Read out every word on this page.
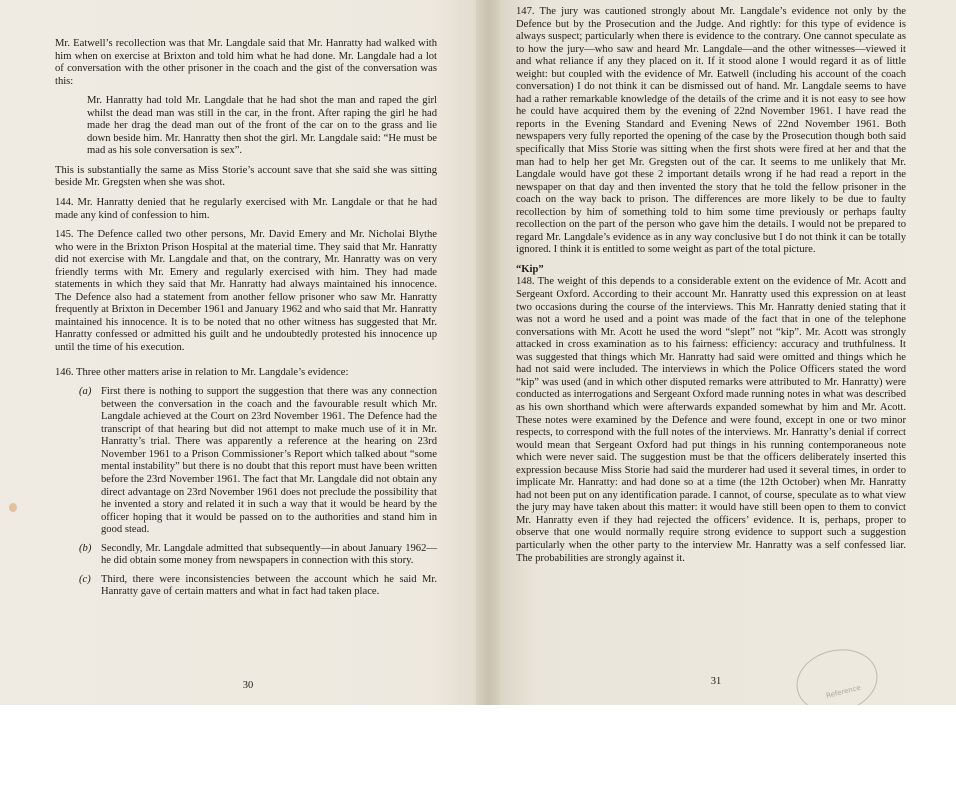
Mr. Eatwell’s recollection was that Mr. Langdale said that Mr. Hanratty had walked with him when on exercise at Brixton and told him what he had done. Mr. Langdale had a lot of conversation with the other prisoner in the coach and the gist of the conversation was this:

Mr. Hanratty had told Mr. Langdale that he had shot the man and raped the girl whilst the dead man was still in the car, in the front. After raping the girl he had made her drag the dead man out of the front of the car on to the grass and lie down beside him. Mr. Hanratty then shot the girl. Mr. Langdale said: “He must be mad as his sole conversation is sex”.

This is substantially the same as Miss Storie’s account save that she said she was sitting beside Mr. Gregsten when she was shot.

144. Mr. Hanratty denied that he regularly exercised with Mr. Langdale or that he had made any kind of confession to him.

145. The Defence called two other persons, Mr. David Emery and Mr. Nicholai Blythe who were in the Brixton Prison Hospital at the material time. They said that Mr. Hanratty did not exercise with Mr. Langdale and that, on the contrary, Mr. Hanratty was on very friendly terms with Mr. Emery and regularly exercised with him. They had made statements in which they said that Mr. Hanratty had always maintained his innocence. The Defence also had a statement from another fellow prisoner who saw Mr. Hanratty frequently at Brixton in December 1961 and January 1962 and who said that Mr. Hanratty maintained his innocence. It is to be noted that no other witness has suggested that Mr. Hanratty confessed or admitted his guilt and he undoubtedly protested his innocence up until the time of his execution.

146. Three other matters arise in relation to Mr. Langdale’s evidence:

(a) First there is nothing to support the suggestion that there was any connection between the conversation in the coach and the favourable result which Mr. Langdale achieved at the Court on 23rd November 1961. The Defence had the transcript of that hearing but did not attempt to make much use of it in Mr. Hanratty’s trial. There was apparently a reference at the hearing on 23rd November 1961 to a Prison Commissioner’s Report which talked about “some mental instability” but there is no doubt that this report must have been written before the 23rd November 1961. The fact that Mr. Langdale did not obtain any direct advantage on 23rd November 1961 does not preclude the possibility that he invented a story and related it in such a way that it would be heard by the officer hoping that it would be passed on to the authorities and stand him in good stead.
(b) Secondly, Mr. Langdale admitted that subsequently—in about January 1962—he did obtain some money from newspapers in connection with this story.
(c) Third, there were inconsistencies between the account which he said Mr. Hanratty gave of certain matters and what in fact had taken place.
30

147. The jury was cautioned strongly about Mr. Langdale’s evidence not only by the Defence but by the Prosecution and the Judge. And rightly: for this type of evidence is always suspect; particularly when there is evidence to the contrary. One cannot speculate as to how the jury—who saw and heard Mr. Langdale—and the other witnesses—viewed it and what reliance if any they placed on it. If it stood alone I would regard it as of little weight: but coupled with the evidence of Mr. Eatwell (including his account of the coach conversation) I do not think it can be dismissed out of hand. Mr. Langdale seems to have had a rather remarkable knowledge of the details of the crime and it is not easy to see how he could have acquired them by the evening of 22nd November 1961. I have read the reports in the Evening Standard and Evening News of 22nd November 1961. Both newspapers very fully reported the opening of the case by the Prosecution though both said specifically that Miss Storie was sitting when the first shots were fired at her and that the man had to help her get Mr. Gregsten out of the car. It seems to me unlikely that Mr. Langdale would have got these 2 important details wrong if he had read a report in the newspaper on that day and then invented the story that he told the fellow prisoner in the coach on the way back to prison. The differences are more likely to be due to faulty recollection by him of something told to him some time previously or perhaps faulty recollection on the part of the person who gave him the details. I would not be prepared to regard Mr. Langdale’s evidence as in any way conclusive but I do not think it can be totally ignored. I think it is entitled to some weight as part of the total picture.

“Kip”

148. The weight of this depends to a considerable extent on the evidence of Mr. Acott and Sergeant Oxford. According to their account Mr. Hanratty used this expression on at least two occasions during the course of the interviews. This Mr. Hanratty denied stating that it was not a word he used and a point was made of the fact that in one of the telephone conversations with Mr. Acott he used the word “slept” not “kip”. Mr. Acott was strongly attacked in cross examination as to his fairness: efficiency: accuracy and truthfulness. It was suggested that things which Mr. Hanratty had said were omitted and things which he had not said were included. The interviews in which the Police Officers stated the word “kip” was used (and in which other disputed remarks were attributed to Mr. Hanratty) were conducted as interrogations and Sergeant Oxford made running notes in what was described as his own shorthand which were afterwards expanded somewhat by him and Mr. Acott. These notes were examined by the Defence and were found, except in one or two minor respects, to correspond with the full notes of the interviews. Mr. Hanratty’s denial if correct would mean that Sergeant Oxford had put things in his running contemporaneous note which were never said. The suggestion must be that the officers deliberately inserted this expression because Miss Storie had said the murderer had used it several times, in order to implicate Mr. Hanratty: and had done so at a time (the 12th October) when Mr. Hanratty had not been put on any identification parade. I cannot, of course, speculate as to what view the jury may have taken about this matter: it would have still been open to them to convict Mr. Hanratty even if they had rejected the officers’ evidence. It is, perhaps, proper to observe that one would normally require strong evidence to support such a suggestion particularly when the other party to the interview Mr. Hanratty was a self confessed liar. The probabilities are strongly against it.

31
Reference
